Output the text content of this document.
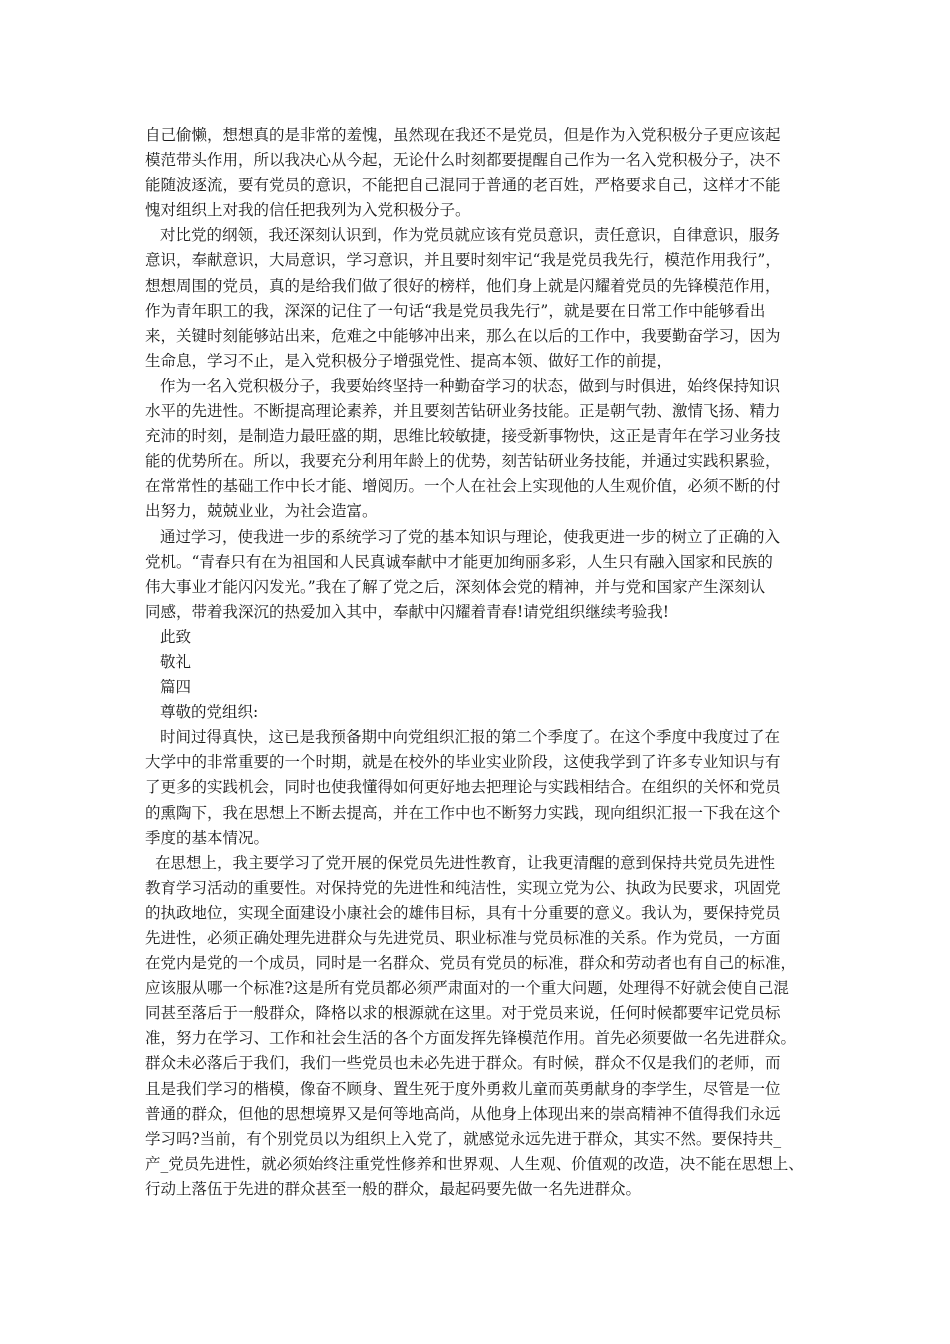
自己偷懒，想想真的是非常的羞愧，虽然现在我还不是党员，但是作为入党积极分子更应该起
模范带头作用，所以我决心从今起，无论什么时刻都要提醒自己作为一名入党积极分子，决不
能随波逐流，要有党员的意识，不能把自己混同于普通的老百姓，严格要求自己，这样才不能
愧对组织上对我的信任把我列为入党积极分子。
对比党的纲领，我还深刻认识到，作为党员就应该有党员意识，责任意识，自律意识，服务
意识，奉献意识，大局意识，学习意识，并且要时刻牢记“我是党员我先行，模范作用我行”，
想想周围的党员，真的是给我们做了很好的榜样，他们身上就是闪耀着党员的先锋模范作用，
作为青年职工的我，深深的记住了一句话“我是党员我先行”，就是要在日常工作中能够看出
来，关键时刻能够站出来，危难之中能够冲出来，那么在以后的工作中，我要勤奋学习，因为
生命息，学习不止，是入党积极分子增强党性、提高本领、做好工作的前提，
作为一名入党积极分子，我要始终坚持一种勤奋学习的状态，做到与时俱进，始终保持知识
水平的先进性。不断提高理论素养，并且要刻苦钻研业务技能。正是朝气勃、激情飞扬、精力
充沛的时刻，是制造力最旺盛的期，思维比较敏捷，接受新事物快，这正是青年在学习业务技
能的优势所在。所以，我要充分利用年龄上的优势，刻苦钻研业务技能，并通过实践积累验，
在常常性的基础工作中长才能、增阅历。一个人在社会上实现他的人生观价值，必须不断的付
出努力，兢兢业业，为社会造富。
通过学习，使我进一步的系统学习了党的基本知识与理论，使我更进一步的树立了正确的入
党机。“青春只有在为祖国和人民真诚奉献中才能更加绚丽多彩，人生只有融入国家和民族的
伟大事业才能闪闪发光。”我在了解了党之后，深刻体会党的精神，并与党和国家产生深刻认
同感，带着我深沉的热爱加入其中，奉献中闪耀着青春!请党组织继续考验我!
此致
敬礼
篇四
尊敬的党组织:
时间过得真快，这已是我预备期中向党组织汇报的第二个季度了。在这个季度中我度过了在
大学中的非常重要的一个时期，就是在校外的毕业实业阶段，这使我学到了许多专业知识与有
了更多的实践机会，同时也使我懂得如何更好地去把理论与实践相结合。在组织的关怀和党员
的熏陶下，我在思想上不断去提高，并在工作中也不断努力实践，现向组织汇报一下我在这个
季度的基本情况。
在思想上，我主要学习了党开展的保党员先进性教育，让我更清醒的意到保持共党员先进性
教育学习活动的重要性。对保持党的先进性和纯洁性，实现立党为公、执政为民要求，巩固党
的执政地位，实现全面建设小康社会的雄伟目标，具有十分重要的意义。我认为，要保持党员
先进性，必须正确处理先进群众与先进党员、职业标准与党员标准的关系。作为党员，一方面
在党内是党的一个成员，同时是一名群众、党员有党员的标准，群众和劳动者也有自己的标准，
应该服从哪一个标准?这是所有党员都必须严肃面对的一个重大问题，处理得不好就会使自己混
同甚至落后于一般群众，降格以求的根源就在这里。对于党员来说，任何时候都要牢记党员标
准，努力在学习、工作和社会生活的各个方面发挥先锋模范作用。首先必须要做一名先进群众。
群众未必落后于我们，我们一些党员也未必先进于群众。有时候，群众不仅是我们的老师，而
且是我们学习的楷模，像奋不顾身、置生死于度外勇救儿童而英勇献身的李学生，尽管是一位
普通的群众，但他的思想境界又是何等地高尚，从他身上体现出来的崇高精神不值得我们永远
学习吗?当前，有个别党员以为组织上入党了，就感觉永远先进于群众，其实不然。要保持共_
产_党员先进性，就必须始终注重党性修养和世界观、人生观、价值观的改造，决不能在思想上、
行动上落伍于先进的群众甚至一般的群众，最起码要先做一名先进群众。
